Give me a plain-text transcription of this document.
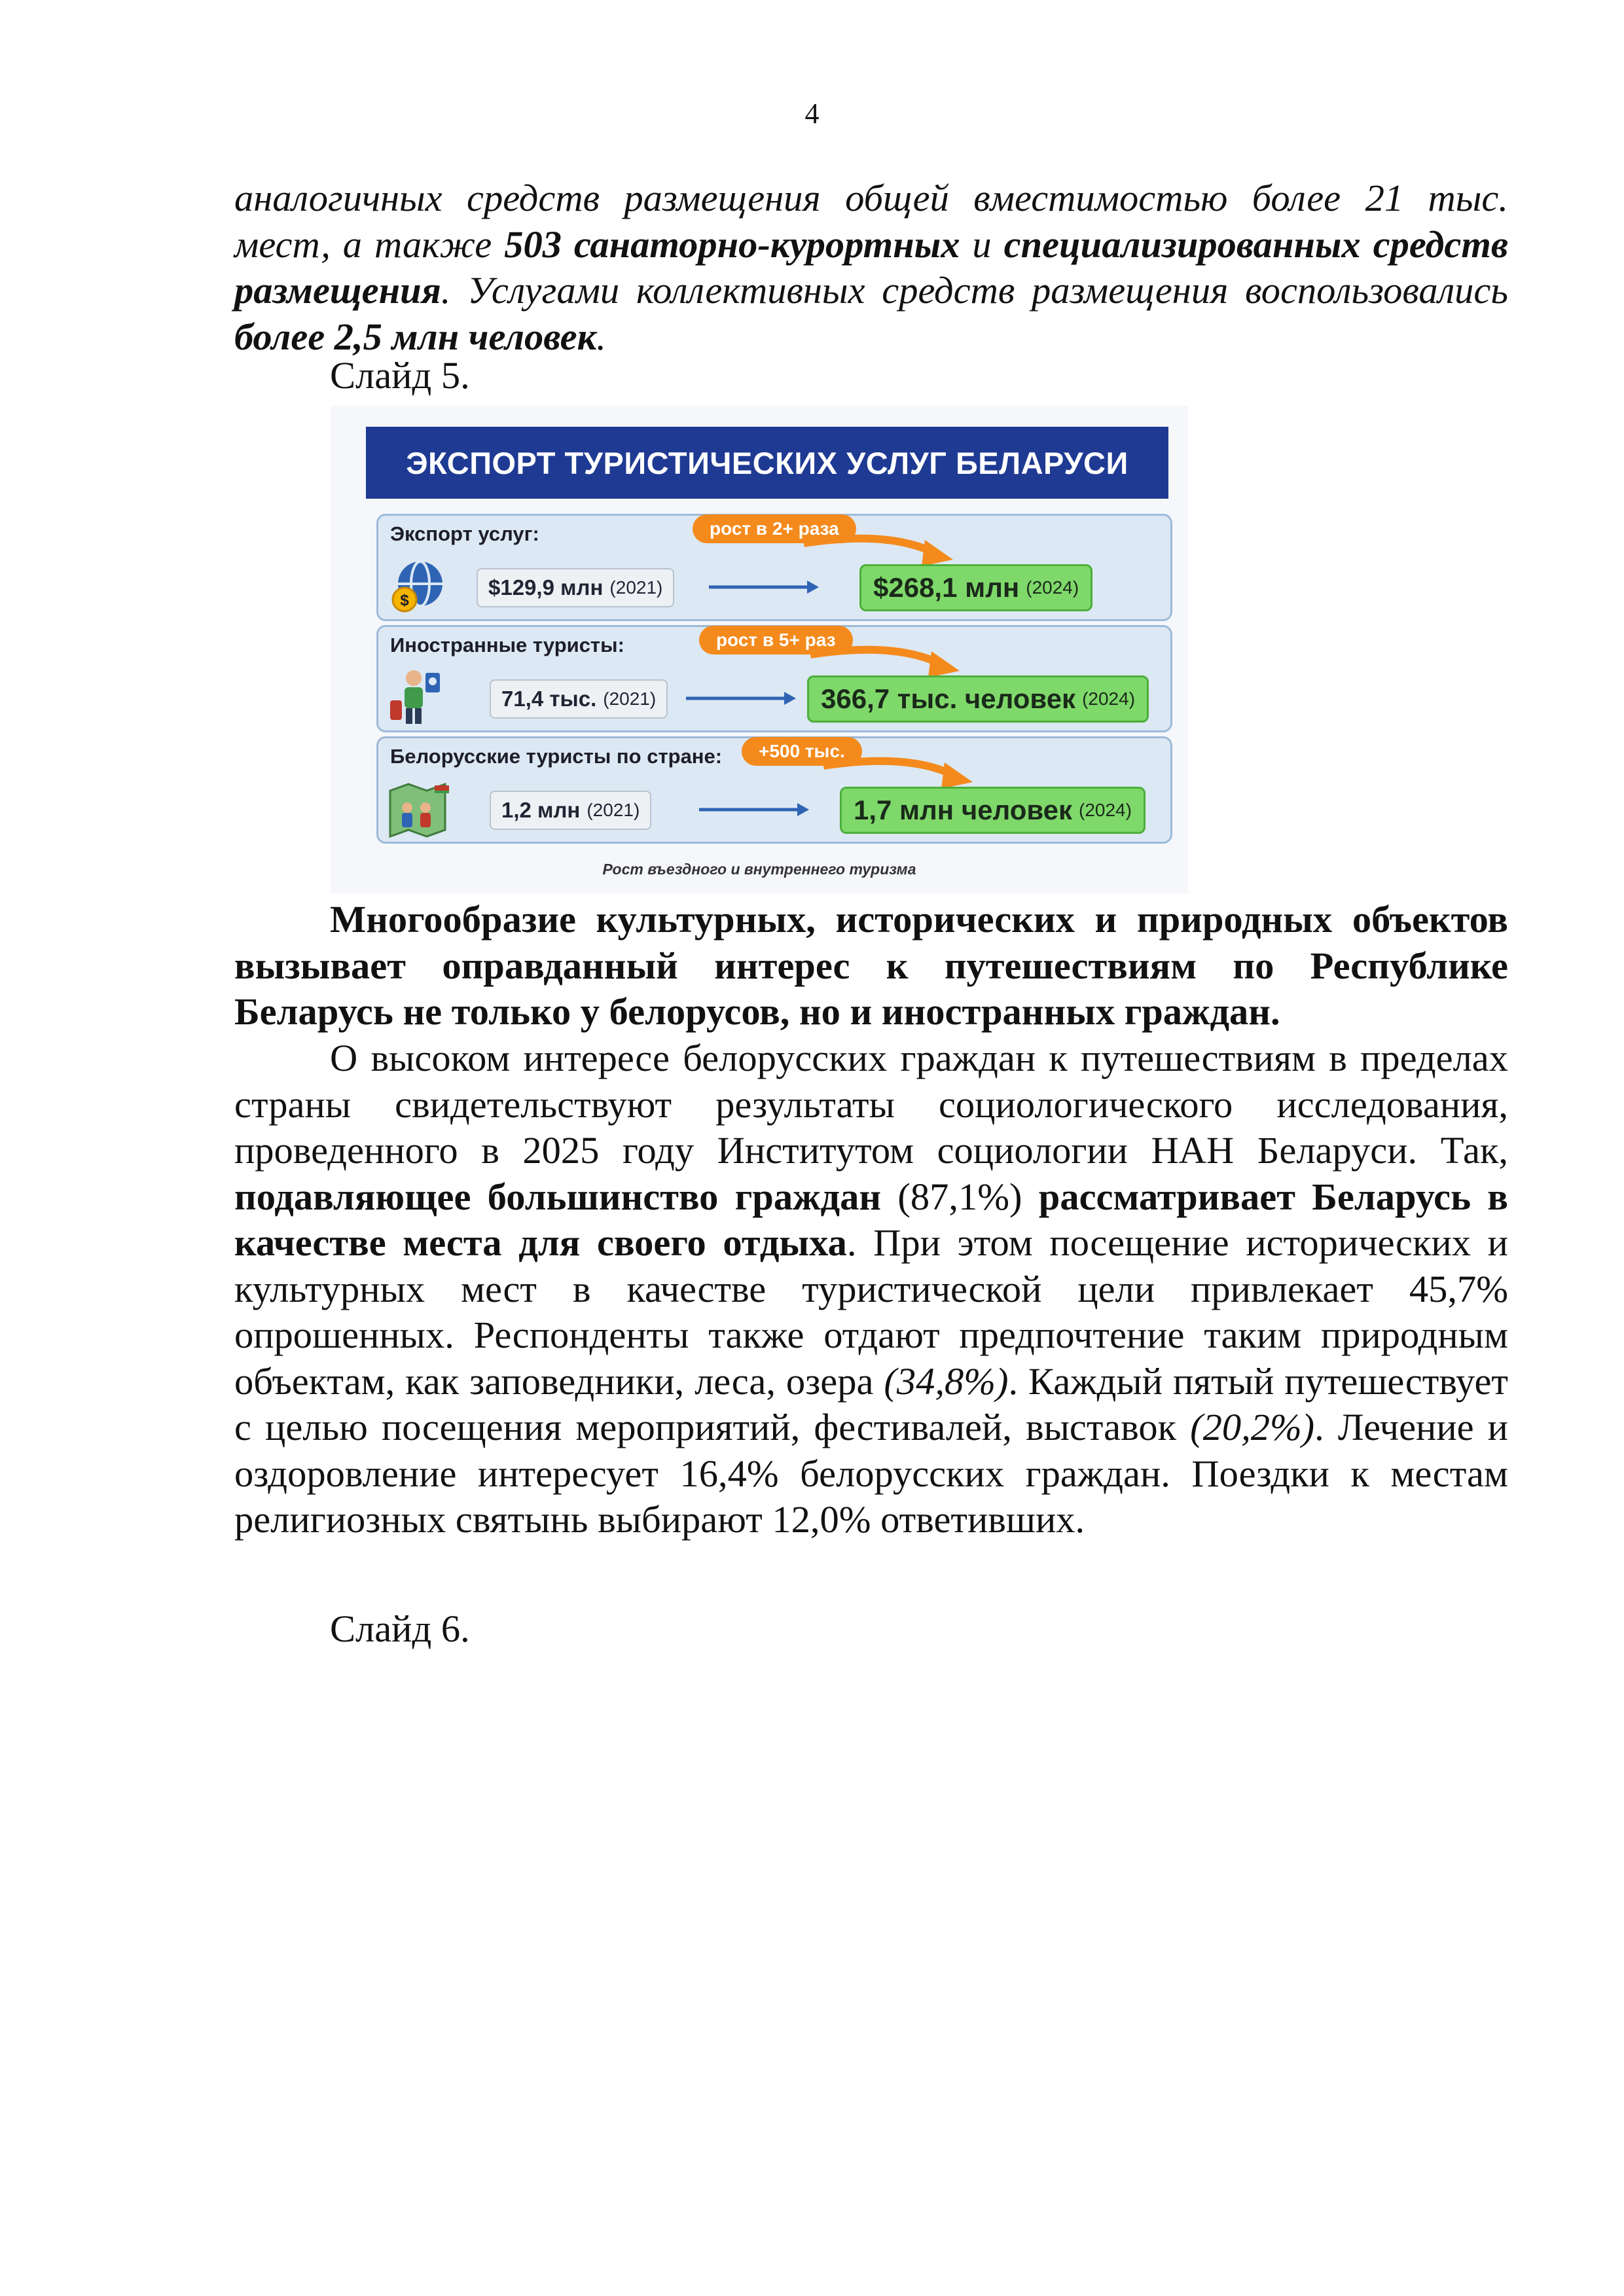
4

аналогичных средств размещения общей вместимостью более 21 тыс. мест, а также 503 санаторно-курортных и специализированных средств размещения. Услугами коллективных средств размещения воспользовались более 2,5 млн человек.

Слайд 5.
ЭКСПОРТ ТУРИСТИЧЕСКИХ УСЛУГ БЕЛАРУСИ
Экспорт услуг:	рост в 2+ раза
$
$129,9 млн (2021)	$268,1 млн (2024)
Иностранные туристы:	рост в 5+ раз
71,4 тыс. (2021)	366,7 тыс. человек (2024)
Белорусские туристы по стране:	+500 тыс.
1,2 млн (2021)	1,7 млн человек (2024)
Рост въездного и внутреннего туризма

Многообразие культурных, исторических и природных объектов вызывает оправданный интерес к путешествиям по Республике Беларусь не только у белорусов, но и иностранных граждан.

О высоком интересе белорусских граждан к путешествиям в пределах страны свидетельствуют результаты социологического исследования, проведенного в 2025 году Институтом социологии НАН Беларуси. Так, подавляющее большинство граждан (87,1%) рассматривает Беларусь в качестве места для своего отдыха. При этом посещение исторических и культурных мест в качестве туристической цели привлекает 45,7% опрошенных. Респонденты также отдают предпочтение таким природным объектам, как заповедники, леса, озера (34,8%). Каждый пятый путешествует с целью посещения мероприятий, фестивалей, выставок (20,2%). Лечение и оздоровление интересует 16,4% белорусских граждан. Поездки к местам религиозных святынь выбирают 12,0% ответивших.

Слайд 6.
